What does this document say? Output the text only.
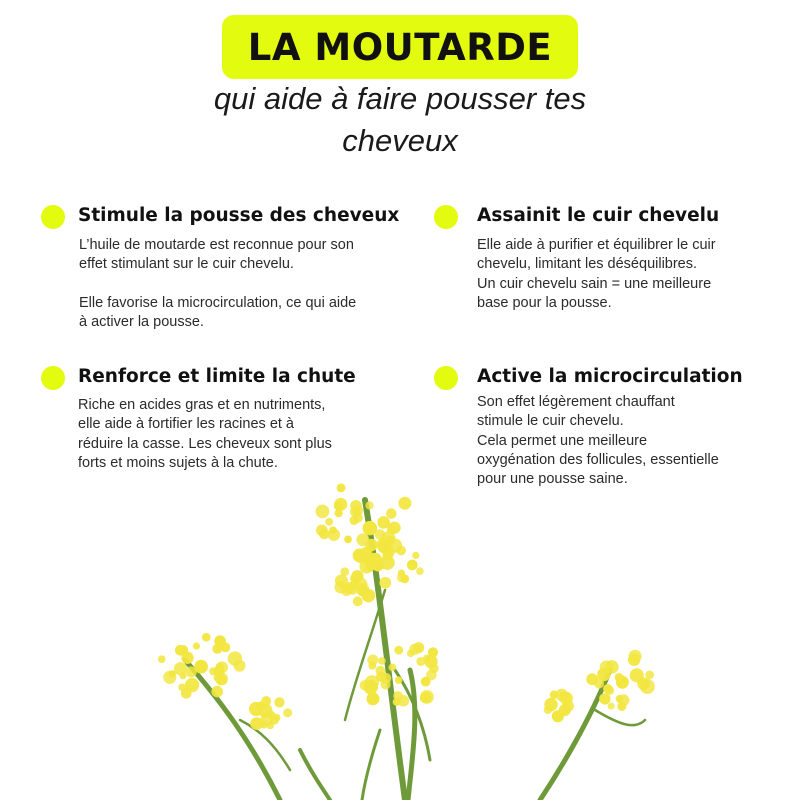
LA MOUTARDE
qui aide à faire pousser tes
cheveux
Stimule la pousse des cheveux

L’huile de moutarde est reconnue pour son
effet stimulant sur le cuir chevelu.

Elle favorise la microcirculation, ce qui aide
à activer la pousse.

Assainit le cuir chevelu

Elle aide à purifier et équilibrer le cuir
chevelu, limitant les déséquilibres.
Un cuir chevelu sain = une meilleure
base pour la pousse.

Renforce et limite la chute

Riche en acides gras et en nutriments,
elle aide à fortifier les racines et à
réduire la casse. Les cheveux sont plus
forts et moins sujets à la chute.

Active la microcirculation

Son effet légèrement chauffant
stimule le cuir chevelu.
Cela permet une meilleure
oxygénation des follicules, essentielle
pour une pousse saine.
